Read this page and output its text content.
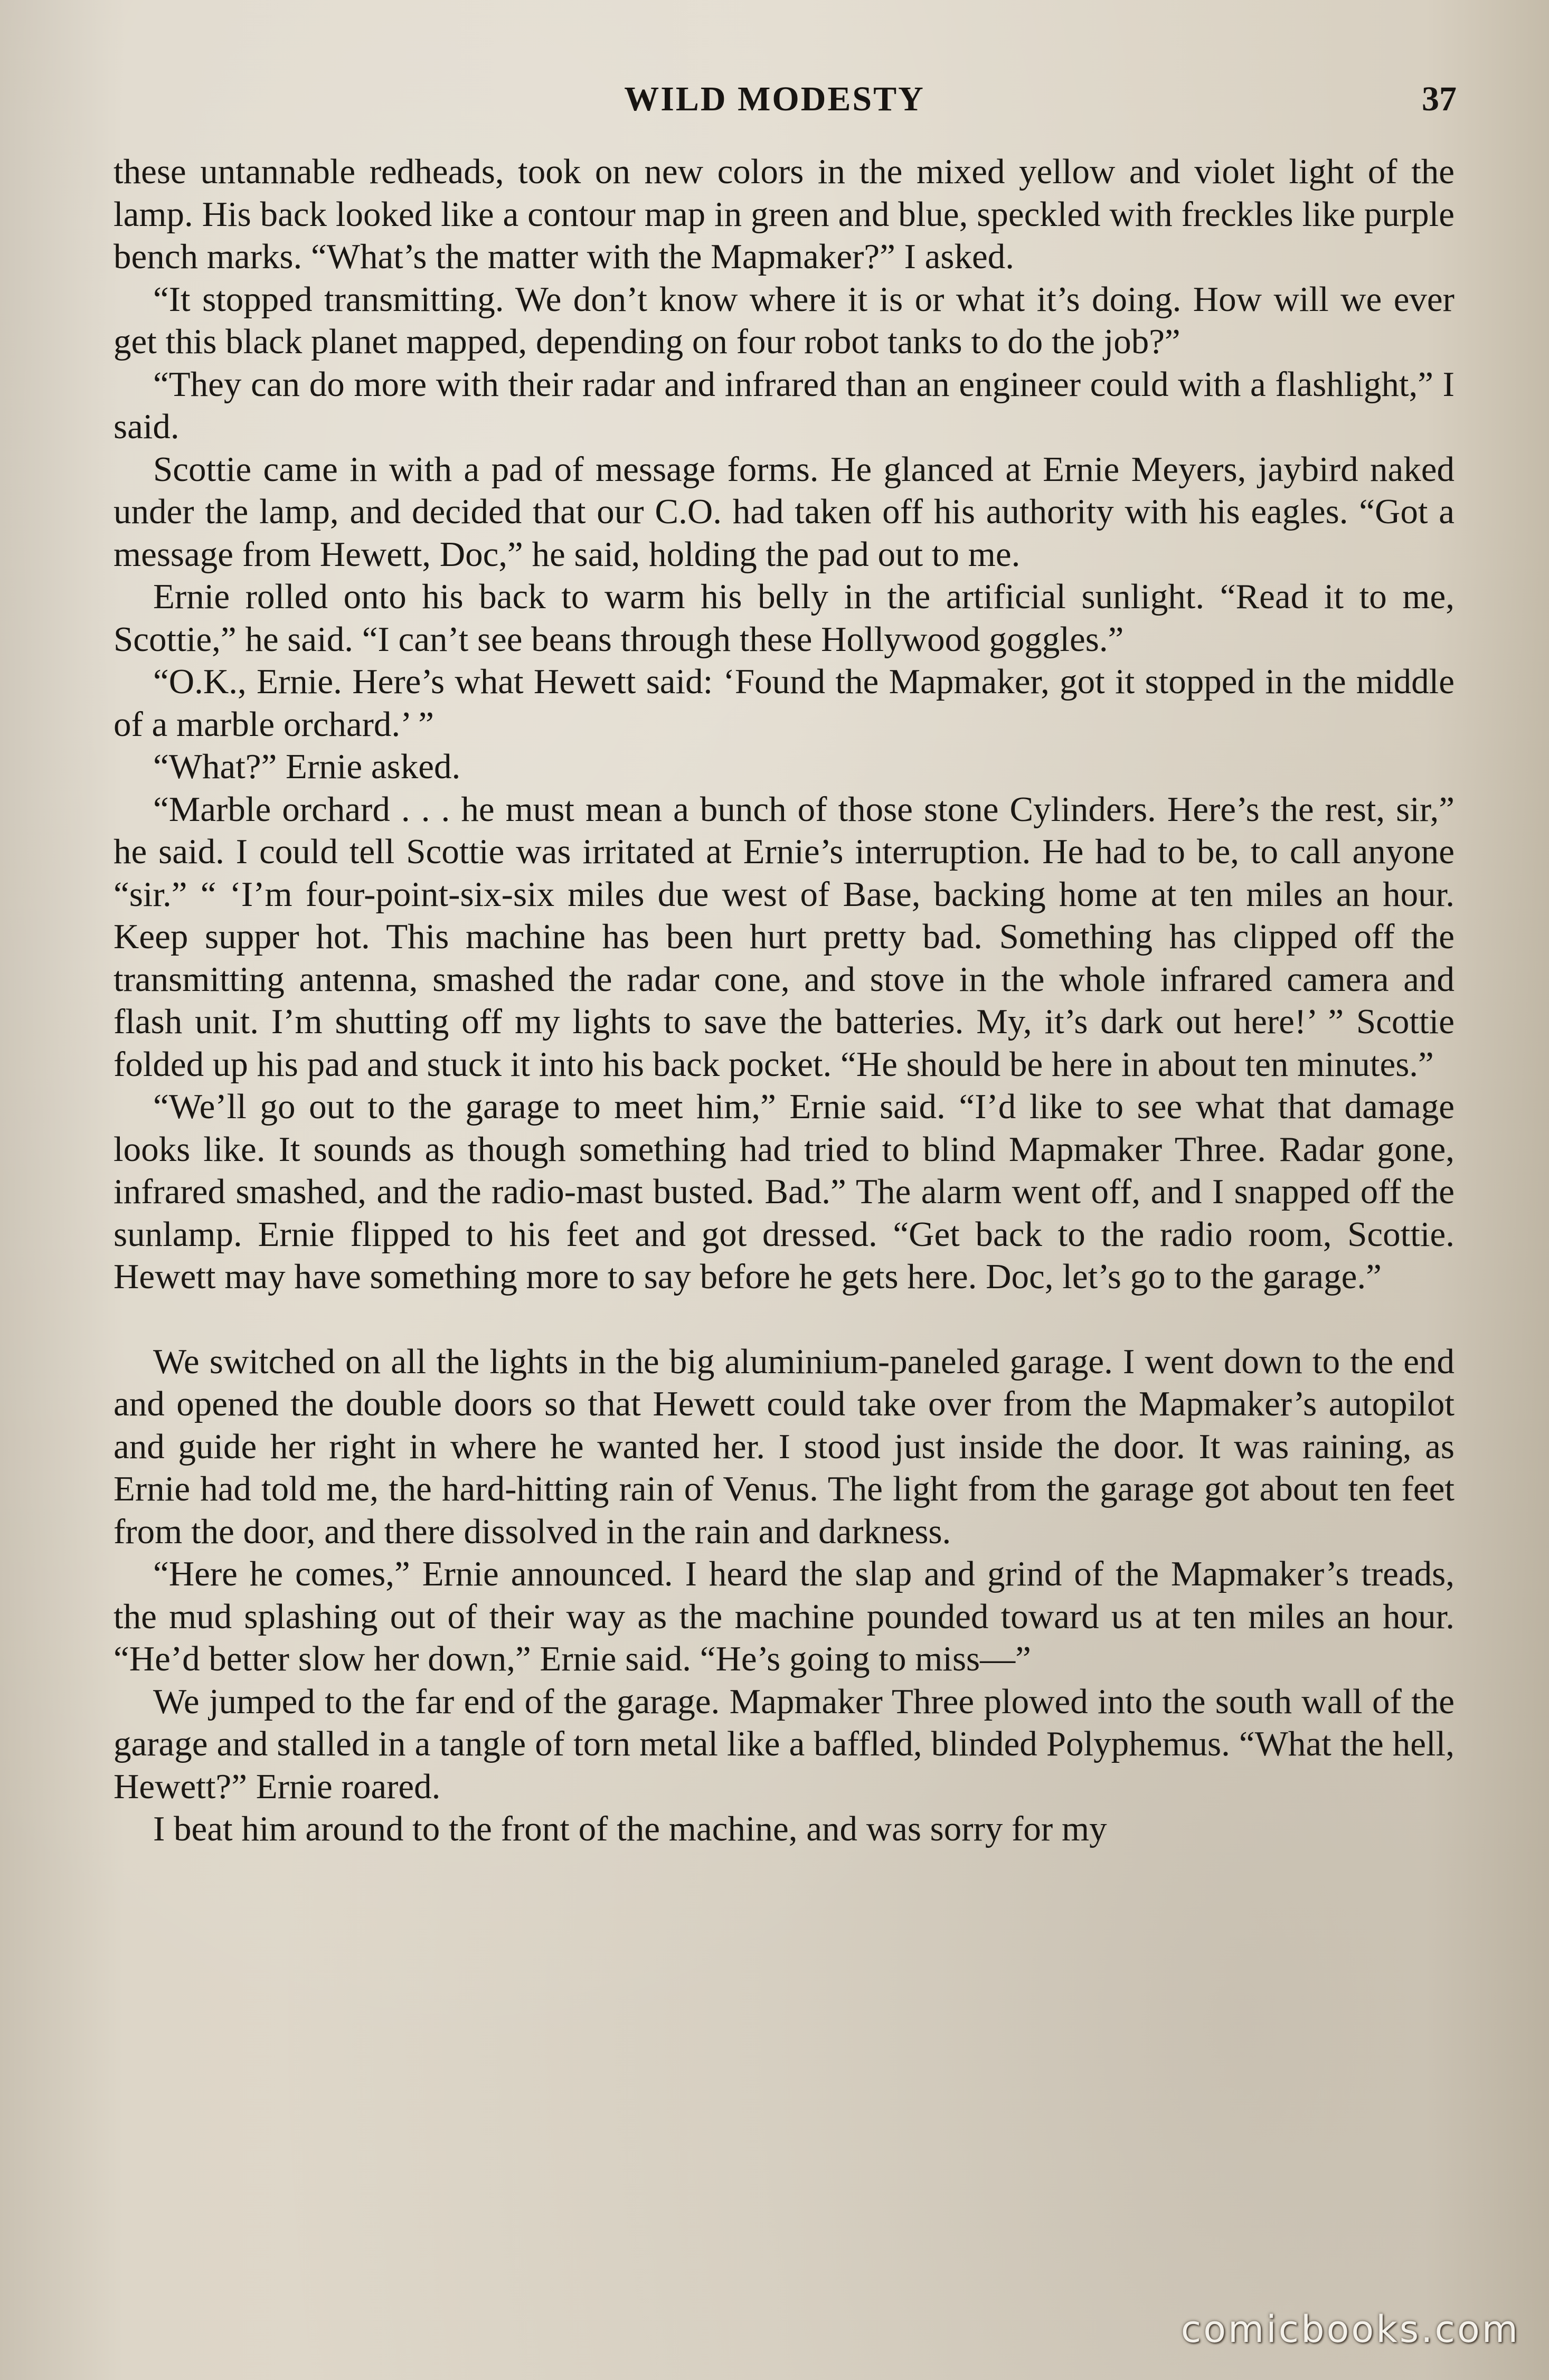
WILD MODESTY	37

these untannable redheads, took on new colors in the mixed yellow and violet light of the lamp. His back looked like a contour map in green and blue, speckled with freckles like purple bench marks. “What’s the matter with the Mapmaker?” I asked.

“It stopped transmitting. We don’t know where it is or what it’s doing. How will we ever get this black planet mapped, depending on four robot tanks to do the job?”

“They can do more with their radar and infrared than an engineer could with a flashlight,” I said.

Scottie came in with a pad of message forms. He glanced at Ernie Meyers, jaybird naked under the lamp, and decided that our C.O. had taken off his authority with his eagles. “Got a message from Hewett, Doc,” he said, holding the pad out to me.

Ernie rolled onto his back to warm his belly in the artificial sunlight. “Read it to me, Scottie,” he said. “I can’t see beans through these Hollywood goggles.”

“O.K., Ernie. Here’s what Hewett said: ‘Found the Mapmaker, got it stopped in the middle of a marble orchard.’ ”

“What?” Ernie asked.

“Marble orchard . . . he must mean a bunch of those stone Cylinders. Here’s the rest, sir,” he said. I could tell Scottie was irritated at Ernie’s interruption. He had to be, to call anyone “sir.” “ ‘I’m four-point-six-six miles due west of Base, backing home at ten miles an hour. Keep supper hot. This machine has been hurt pretty bad. Something has clipped off the transmitting antenna, smashed the radar cone, and stove in the whole infrared camera and flash unit. I’m shutting off my lights to save the batteries. My, it’s dark out here!’ ” Scottie folded up his pad and stuck it into his back pocket. “He should be here in about ten minutes.”

“We’ll go out to the garage to meet him,” Ernie said. “I’d like to see what that damage looks like. It sounds as though something had tried to blind Mapmaker Three. Radar gone, infrared smashed, and the radio-mast busted. Bad.” The alarm went off, and I snapped off the sunlamp. Ernie flipped to his feet and got dressed. “Get back to the radio room, Scottie. Hewett may have something more to say before he gets here. Doc, let’s go to the garage.”

We switched on all the lights in the big aluminium-paneled garage. I went down to the end and opened the double doors so that Hewett could take over from the Mapmaker’s autopilot and guide her right in where he wanted her. I stood just inside the door. It was raining, as Ernie had told me, the hard-hitting rain of Venus. The light from the garage got about ten feet from the door, and there dissolved in the rain and darkness.

“Here he comes,” Ernie announced. I heard the slap and grind of the Mapmaker’s treads, the mud splashing out of their way as the machine pounded toward us at ten miles an hour. “He’d better slow her down,” Ernie said. “He’s going to miss—”

We jumped to the far end of the garage. Mapmaker Three plowed into the south wall of the garage and stalled in a tangle of torn metal like a baffled, blinded Polyphemus. “What the hell, Hewett?” Ernie roared.

I beat him around to the front of the machine, and was sorry for my

comicbooks.com
